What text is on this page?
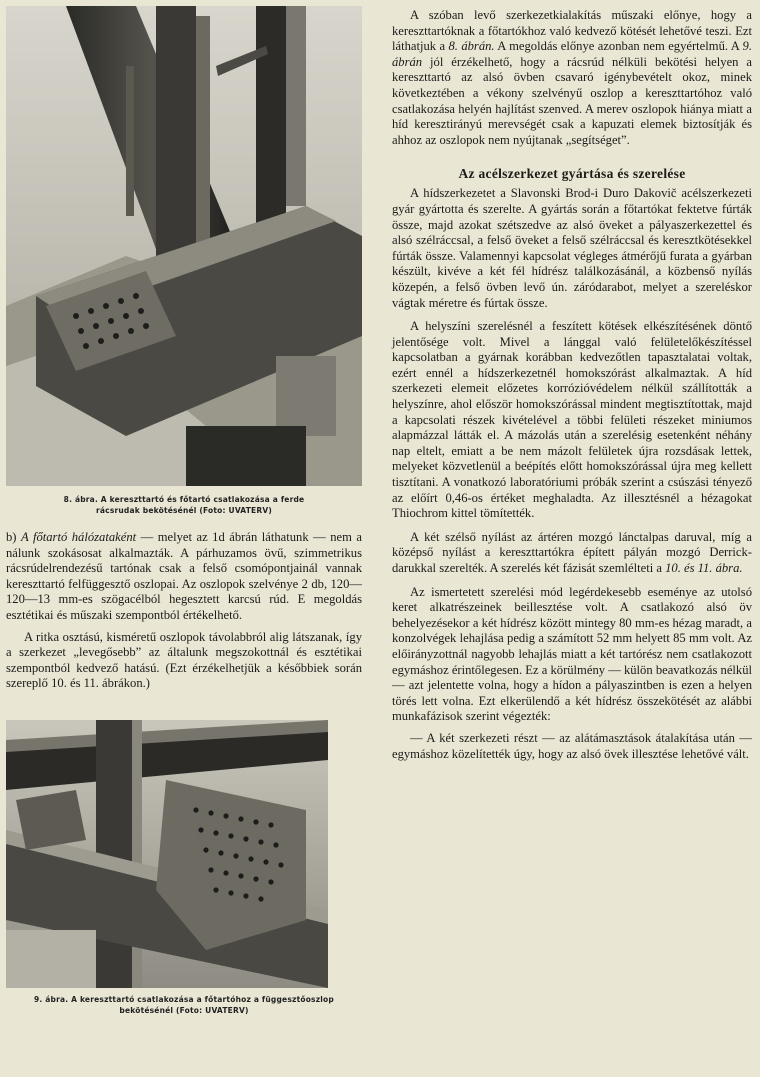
8. ábra. A kereszttartó és főtartó csatlakozása a ferde rácsrudak bekötésénél (Foto: UVATERV)

b) A főtartó hálózataként — melyet az 1d ábrán láthatunk — nem a nálunk szokásosat alkalmazták. A párhuzamos övű, szimmetrikus rácsrúdelrendezésű tartónak csak a felső csomópontjainál vannak kereszttartó felfüggesztő oszlopai. Az oszlopok szelvénye 2 db, 120—120—13 mm-es szögacélból hegesztett karcsú rúd. E megoldás esztétikai és műszaki szempontból értékelhető.

A ritka osztású, kisméretű oszlopok távolabbról alig látszanak, így a szerkezet „levegősebb” az általunk megszokottnál és esztétikai szempontból kedvező hatású. (Ezt érzékelhetjük a későbbiek során szereplő 10. és 11. ábrákon.)

9. ábra. A kereszttartó csatlakozása a főtartóhoz a függesztőoszlop bekötésénél (Foto: UVATERV)

A szóban levő szerkezetkialakítás műszaki előnye, hogy a kereszttartóknak a főtartókhoz való kedvező kötését lehetővé teszi. Ezt láthatjuk a 8. ábrán. A megoldás előnye azonban nem egyértelmű. A 9. ábrán jól érzékelhető, hogy a rácsrúd nélküli bekötési helyen a kereszttartó az alsó övben csavaró igénybevételt okoz, minek következtében a vékony szelvényű oszlop a kereszttartóhoz való csatlakozása helyén hajlítást szenved. A merev oszlopok hiánya miatt a híd keresztirányú merevségét csak a kapuzati elemek biztosítják és ahhoz az oszlopok nem nyújtanak „segítséget”.

Az acélszerkezet gyártása és szerelése

A hídszerkezetet a Slavonski Brod-i Duro Dakovič acélszerkezeti gyár gyártotta és szerelte. A gyártás során a főtartókat fektetve fúrták össze, majd azokat szétszedve az alsó öveket a pályaszerkezettel és alsó szélráccsal, a felső öveket a felső szélráccsal és keresztkötésekkel fúrták össze. Valamennyi kapcsolat végleges átmérőjű furata a gyárban készült, kivéve a két fél hídrész találkozásánál, a közbenső nyílás közepén, a felső övben levő ún. záródarabot, melyet a szereléskor vágtak méretre és fúrtak össze.

A helyszíni szerelésnél a feszített kötések elkészítésének döntő jelentősége volt. Mivel a lánggal való felületelőkészítéssel kapcsolatban a gyárnak korábban kedvezőtlen tapasztalatai voltak, ezért ennél a hídszerkezetnél homokszórást alkalmaztak. A híd szerkezeti elemeit előzetes korrózióvédelem nélkül szállították a helyszínre, ahol először homokszórással mindent megtisztítottak, majd a kapcsolati részek kivételével a többi felületi részeket miniumos alapmázzal látták el. A mázolás után a szerelésig esetenként néhány nap eltelt, emiatt a be nem mázolt felületek újra rozsdásak lettek, melyeket közvetlenül a beépítés előtt homokszórással újra meg kellett tisztítani. A vonatkozó laboratóriumi próbák szerint a csúszási tényező az előírt 0,46-os értéket meghaladta. Az illesztésnél a hézagokat Thiochrom kittel tömítették.

A két szélső nyílást az ártéren mozgó lánctalpas daruval, míg a középső nyílást a kereszttartókra épített pályán mozgó Derrick-darukkal szerelték. A szerelés két fázisát szemlélteti a 10. és 11. ábra.

Az ismertetett szerelési mód legérdekesebb eseménye az utolsó keret alkatrészeinek beillesztése volt. A csatlakozó alsó öv behelyezésekor a két hídrész között mintegy 80 mm-es hézag maradt, a konzolvégek lehajlása pedig a számított 52 mm helyett 85 mm volt. Az előirányzottnál nagyobb lehajlás miatt a két tartórész nem csatlakozott egymáshoz érintőlegesen. Ez a körülmény — külön beavatkozás nélkül — azt jelentette volna, hogy a hídon a pályaszintben is ezen a helyen törés lett volna. Ezt elkerülendő a két hídrész összekötését az alábbi munkafázisok szerint végezték:

— A két szerkezeti részt — az alátámasztások átalakítása után — egymáshoz közelítették úgy, hogy az alsó övek illesztése lehetővé vált.
